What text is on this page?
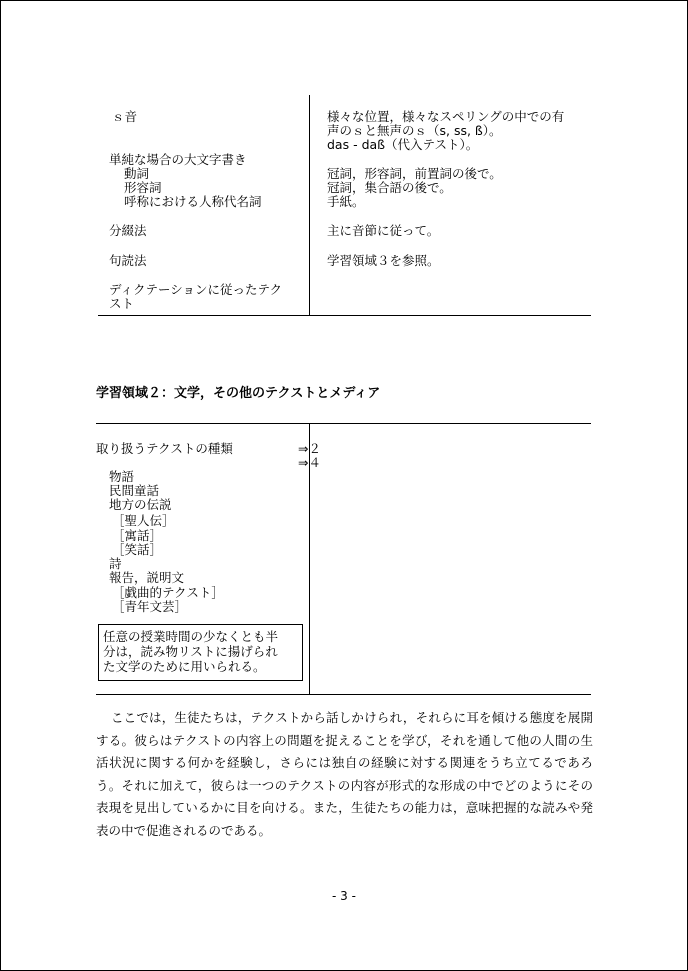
ｓ音
単純な場合の大文字書き
動詞
形容詞
呼称における人称代名詞
分綴法
句読法
ディクテーションに従ったテク
スト
様々な位置，様々なスペリングの中での有
声のｓと無声のｓ（s, ss, ß）。
das - daß（代入テスト）。
冠詞，形容詞，前置詞の後で。
冠詞，集合語の後で。
手紙。
主に音節に従って。
学習領域３を参照。
学習領域２：文学，その他のテクストとメディア
取り扱うテクストの種類	⇒２
⇒４
物語
民間童話
地方の伝説
［聖人伝］
［寓話］
［笑話］
詩
報告，説明文
［戯曲的テクスト］
［青年文芸］
任意の授業時間の少なくとも半
分は，読み物リストに揚げられ
た文学のために用いられる。
ここでは，生徒たちは，テクストから話しかけられ，それらに耳を傾ける態度を展開する。彼らはテクストの内容上の問題を捉えることを学び，それを通して他の人間の生活状況に関する何かを経験し，さらには独自の経験に対する関連をうち立てるであろう。それに加えて，彼らは一つのテクストの内容が形式的な形成の中でどのようにその表現を見出しているかに目を向ける。また，生徒たちの能力は，意味把握的な読みや発表の中で促進されるのである。
- 3 -
